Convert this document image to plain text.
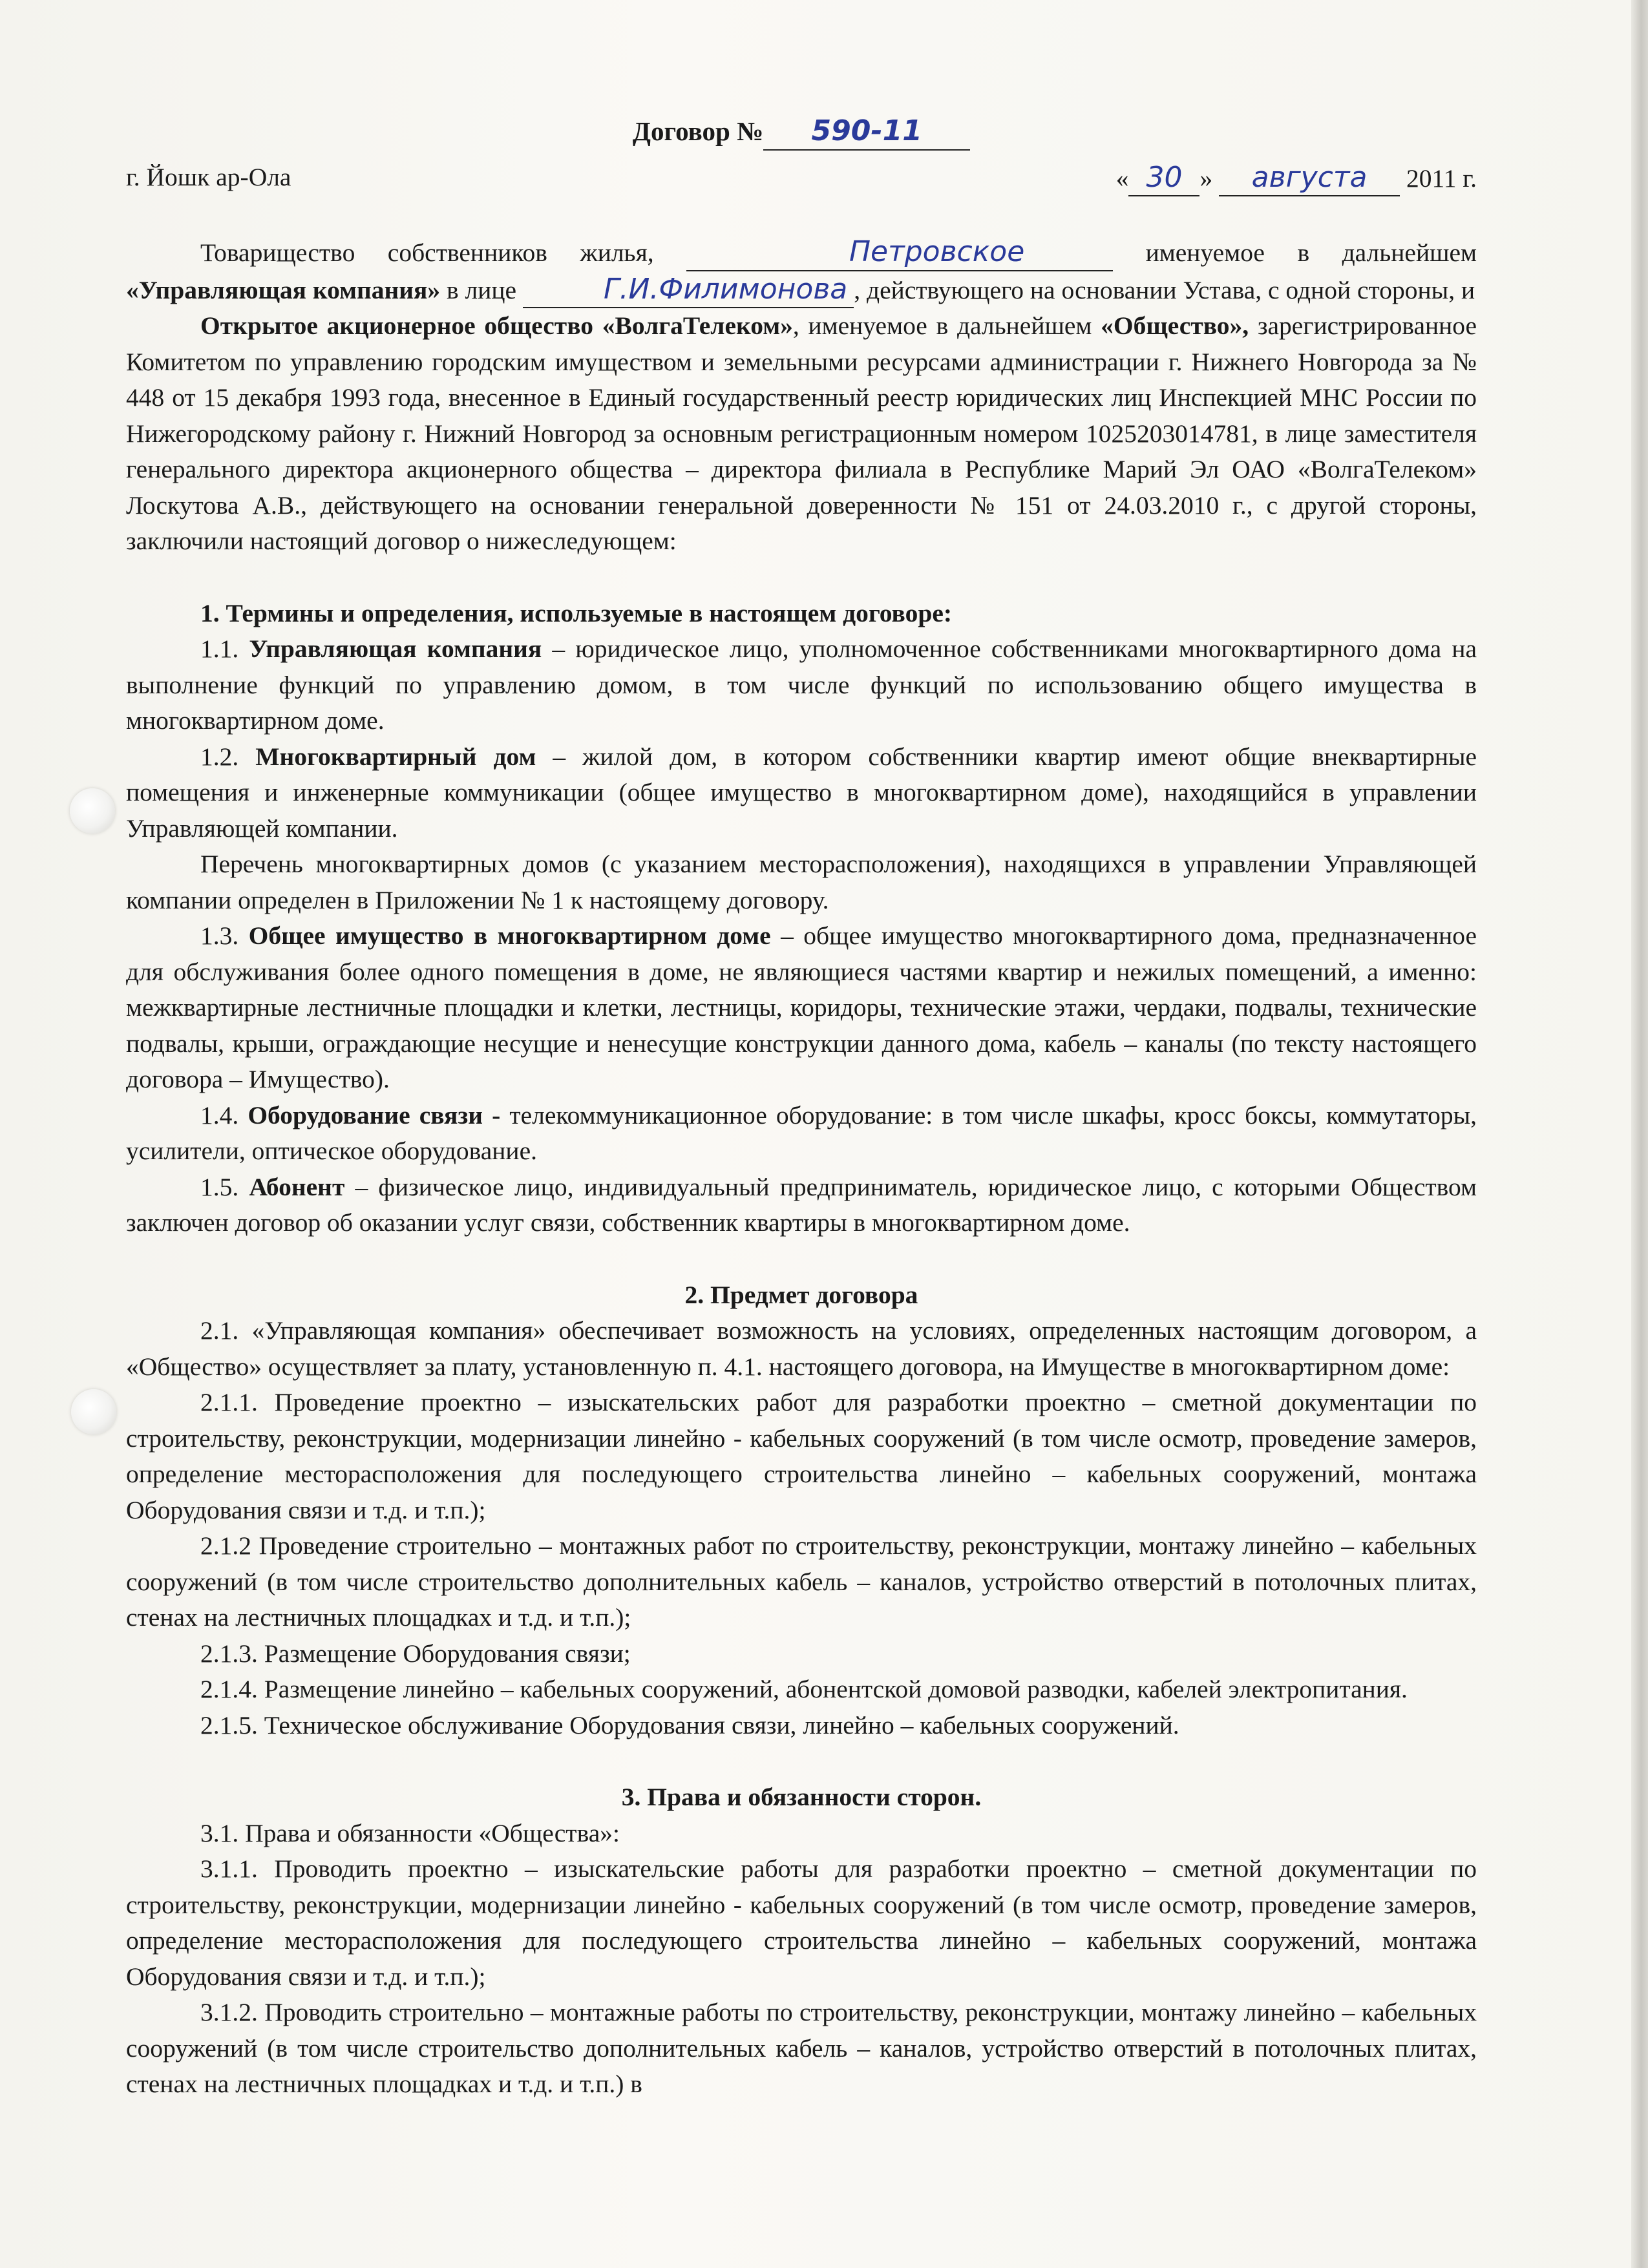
Договор № 590-11
г. Йошк ар-Ола	« 30 » августа 2011 г.

Товарищество собственников жилья,	Петровское	именуемое в дальнейшем «Управляющая компания» в лице	Г.И.Филимонова , действующего на основании Устава, с одной стороны, и

Открытое акционерное общество «ВолгаТелеком», именуемое в дальнейшем «Общество», зарегистрированное Комитетом по управлению городским имуществом и земельными ресурсами администрации г. Нижнего Новгорода за № 448 от 15 декабря 1993 года, внесенное в Единый государственный реестр юридических лиц Инспекцией МНС России по Нижегородскому району г. Нижний Новгород за основным регистрационным номером 1025203014781, в лице заместителя генерального директора акционерного общества – директора филиала в Республике Марий Эл ОАО «ВолгаТелеком» Лоскутова А.В., действующего на основании генеральной доверенности № 151 от 24.03.2010 г., с другой стороны, заключили настоящий договор о нижеследующем:

1. Термины и определения, используемые в настоящем договоре:

1.1. Управляющая компания – юридическое лицо, уполномоченное собственниками многоквартирного дома на выполнение функций по управлению домом, в том числе функций по использованию общего имущества в многоквартирном доме.

1.2. Многоквартирный дом – жилой дом, в котором собственники квартир имеют общие внеквартирные помещения и инженерные коммуникации (общее имущество в многоквартирном доме), находящийся в управлении Управляющей компании.

Перечень многоквартирных домов (с указанием месторасположения), находящихся в управлении Управляющей компании определен в Приложении № 1 к настоящему договору.

1.3. Общее имущество в многоквартирном доме – общее имущество многоквартирного дома, предназначенное для обслуживания более одного помещения в доме, не являющиеся частями квартир и нежилых помещений, а именно: межквартирные лестничные площадки и клетки, лестницы, коридоры, технические этажи, чердаки, подвалы, технические подвалы, крыши, ограждающие несущие и ненесущие конструкции данного дома, кабель – каналы (по тексту настоящего договора – Имущество).

1.4. Оборудование связи - телекоммуникационное оборудование: в том числе шкафы, кросс боксы, коммутаторы, усилители, оптическое оборудование.

1.5. Абонент – физическое лицо, индивидуальный предприниматель, юридическое лицо, с которыми Обществом заключен договор об оказании услуг связи, собственник квартиры в многоквартирном доме.

2. Предмет договора

2.1. «Управляющая компания» обеспечивает возможность на условиях, определенных настоящим договором, а «Общество» осуществляет за плату, установленную п. 4.1. настоящего договора, на Имуществе в многоквартирном доме:

2.1.1. Проведение проектно – изыскательских работ для разработки проектно – сметной документации по строительству, реконструкции, модернизации линейно - кабельных сооружений (в том числе осмотр, проведение замеров, определение месторасположения для последующего строительства линейно – кабельных сооружений, монтажа Оборудования связи и т.д. и т.п.);

2.1.2 Проведение строительно – монтажных работ по строительству, реконструкции, монтажу линейно – кабельных сооружений (в том числе строительство дополнительных кабель – каналов, устройство отверстий в потолочных плитах, стенах на лестничных площадках и т.д. и т.п.);

2.1.3. Размещение Оборудования связи;

2.1.4. Размещение линейно – кабельных сооружений, абонентской домовой разводки, кабелей электропитания.

2.1.5. Техническое обслуживание Оборудования связи, линейно – кабельных сооружений.

3. Права и обязанности сторон.

3.1. Права и обязанности «Общества»:

3.1.1. Проводить проектно – изыскательские работы для разработки проектно – сметной документации по строительству, реконструкции, модернизации линейно - кабельных сооружений (в том числе осмотр, проведение замеров, определение месторасположения для последующего строительства линейно – кабельных сооружений, монтажа Оборудования связи и т.д. и т.п.);

3.1.2. Проводить строительно – монтажные работы по строительству, реконструкции, монтажу линейно – кабельных сооружений (в том числе строительство дополнительных кабель – каналов, устройство отверстий в потолочных плитах, стенах на лестничных площадках и т.д. и т.п.) в
